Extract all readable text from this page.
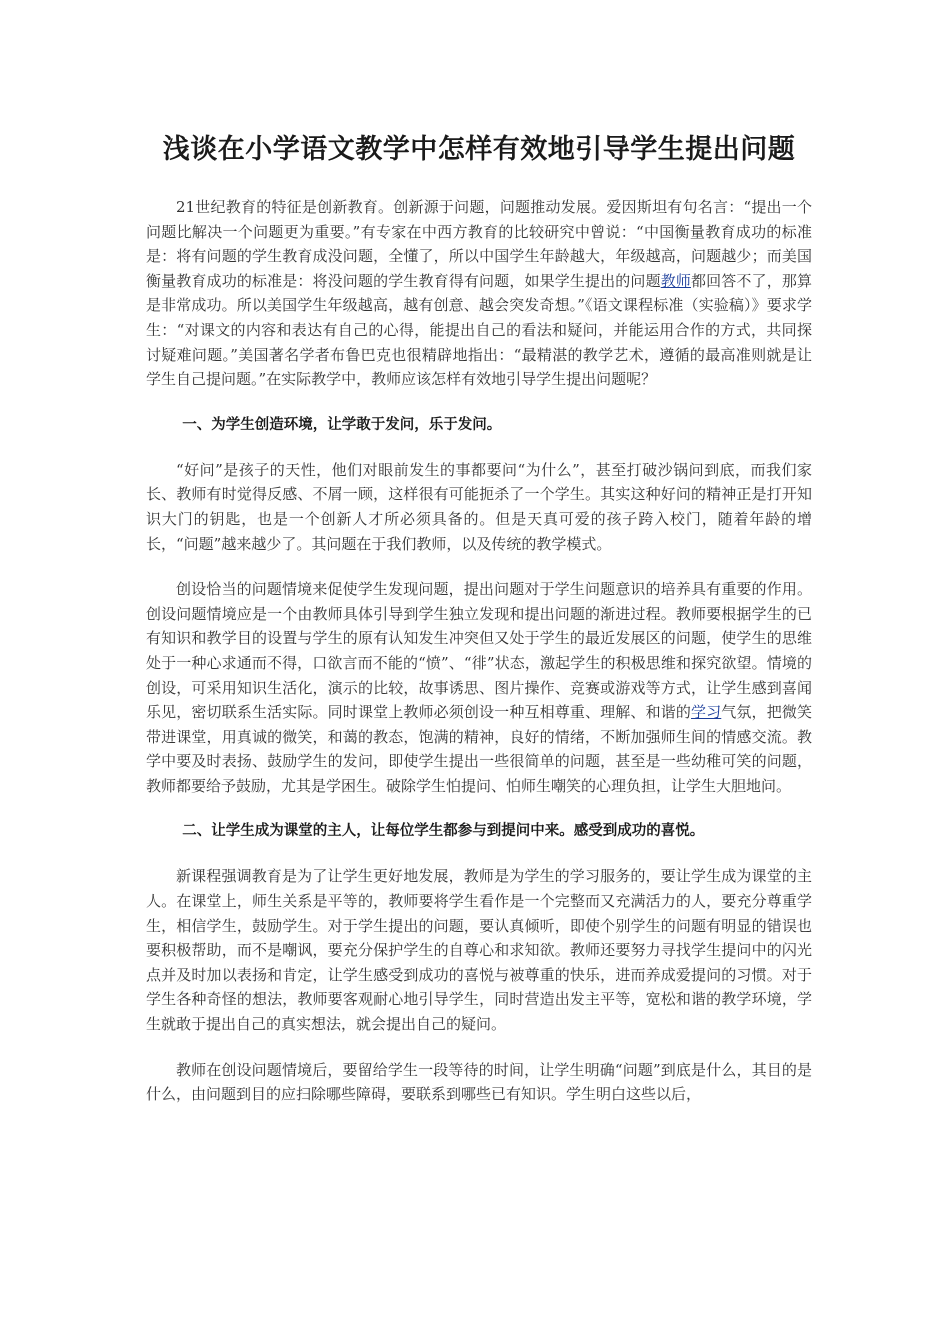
浅谈在小学语文教学中怎样有效地引导学生提出问题

21世纪教育的特征是创新教育。创新源于问题，问题推动发展。爱因斯坦有句名言：“提出一个问题比解决一个问题更为重要。”有专家在中西方教育的比较研究中曾说：“中国衡量教育成功的标准是：将有问题的学生教育成没问题，全懂了，所以中国学生年龄越大，年级越高，问题越少；而美国衡量教育成功的标准是：将没问题的学生教育得有问题，如果学生提出的问题教师都回答不了，那算是非常成功。所以美国学生年级越高，越有创意、越会突发奇想。”《语文课程标准（实验稿）》要求学生：“对课文的内容和表达有自己的心得，能提出自己的看法和疑问，并能运用合作的方式，共同探讨疑难问题。”美国著名学者布鲁巴克也很精辟地指出：“最精湛的教学艺术，遵循的最高准则就是让学生自己提问题。”在实际教学中，教师应该怎样有效地引导学生提出问题呢？

一、为学生创造环境，让学敢于发问，乐于发问。

“好问”是孩子的天性，他们对眼前发生的事都要问“为什么”，甚至打破沙锅问到底，而我们家长、教师有时觉得反感、不屑一顾，这样很有可能扼杀了一个学生。其实这种好问的精神正是打开知识大门的钥匙，也是一个创新人才所必须具备的。但是天真可爱的孩子跨入校门，随着年龄的增长，“问题”越来越少了。其问题在于我们教师，以及传统的教学模式。

创设恰当的问题情境来促使学生发现问题，提出问题对于学生问题意识的培养具有重要的作用。创设问题情境应是一个由教师具体引导到学生独立发现和提出问题的渐进过程。教师要根据学生的已有知识和教学目的设置与学生的原有认知发生冲突但又处于学生的最近发展区的问题，使学生的思维处于一种心求通而不得，口欲言而不能的“愤”、“徘”状态，激起学生的积极思维和探究欲望。情境的创设，可采用知识生活化，演示的比较，故事诱思、图片操作、竞赛或游戏等方式，让学生感到喜闻乐见，密切联系生活实际。同时课堂上教师必须创设一种互相尊重、理解、和谐的学习气氛，把微笑带进课堂，用真诚的微笑，和蔼的教态，饱满的精神，良好的情绪，不断加强师生间的情感交流。教学中要及时表扬、鼓励学生的发问，即使学生提出一些很简单的问题，甚至是一些幼稚可笑的问题，教师都要给予鼓励，尤其是学困生。破除学生怕提问、怕师生嘲笑的心理负担，让学生大胆地问。

二、让学生成为课堂的主人，让每位学生都参与到提问中来。感受到成功的喜悦。

新课程强调教育是为了让学生更好地发展，教师是为学生的学习服务的，要让学生成为课堂的主人。在课堂上，师生关系是平等的，教师要将学生看作是一个完整而又充满活力的人，要充分尊重学生，相信学生，鼓励学生。对于学生提出的问题，要认真倾听，即使个别学生的问题有明显的错误也要积极帮助，而不是嘲讽，要充分保护学生的自尊心和求知欲。教师还要努力寻找学生提问中的闪光点并及时加以表扬和肯定，让学生感受到成功的喜悦与被尊重的快乐，进而养成爱提问的习惯。对于学生各种奇怪的想法，教师要客观耐心地引导学生，同时营造出发主平等，宽松和谐的教学环境，学生就敢于提出自己的真实想法，就会提出自己的疑问。

教师在创设问题情境后，要留给学生一段等待的时间，让学生明确“问题”到底是什么，其目的是什么，由问题到目的应扫除哪些障碍，要联系到哪些已有知识。学生明白这些以后，
